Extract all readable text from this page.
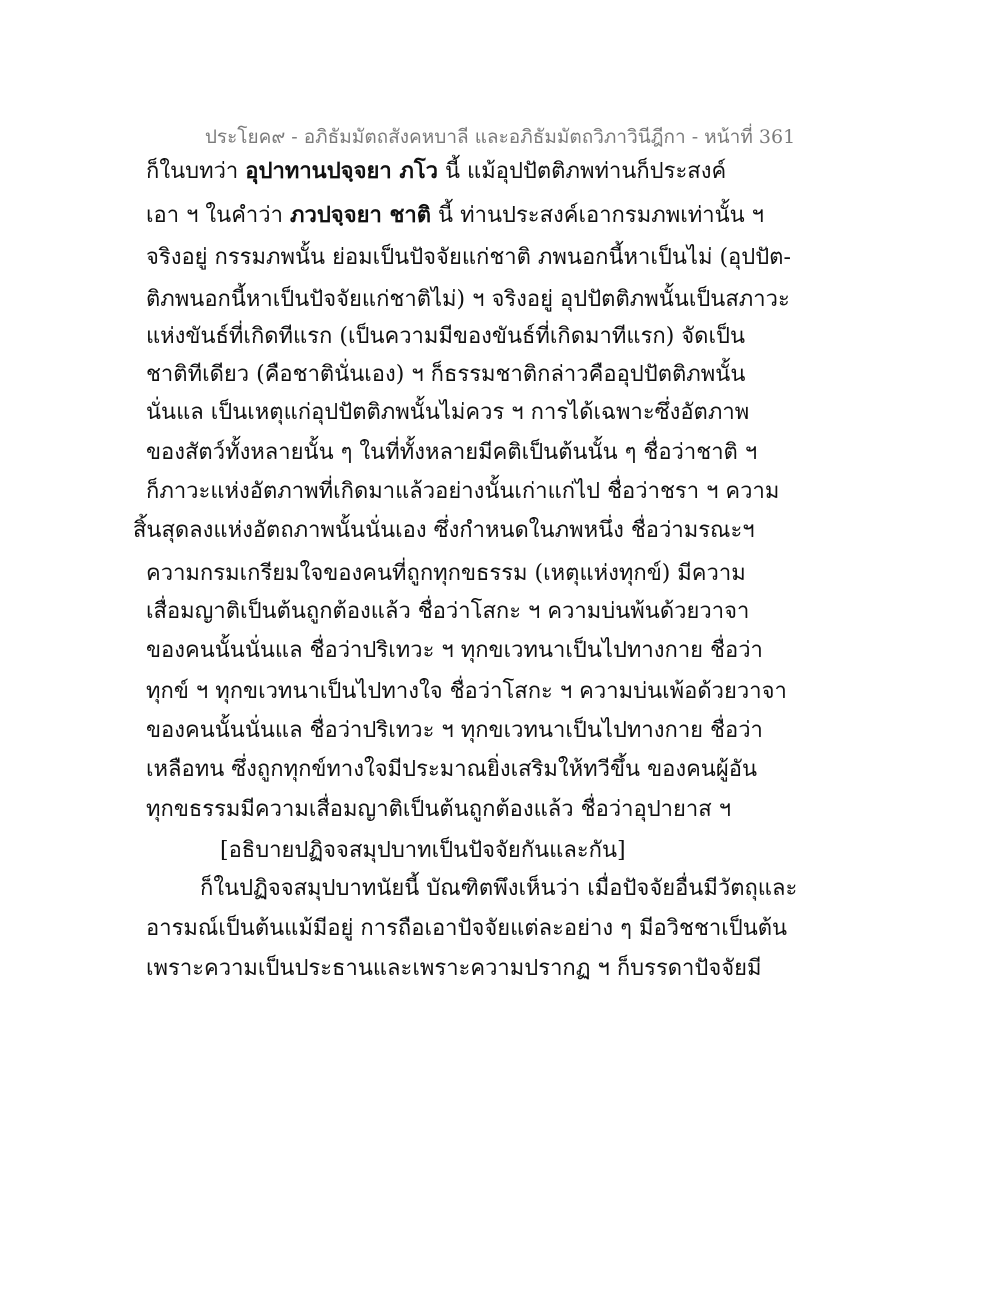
ประโยค๙ - อภิธัมมัตถสังคหบาลี และอภิธัมมัตถวิภาวินีฎีกา - หน้าที่ 361
ก็ในบทว่า อุปาทานปจฺจยา ภโว นี้ แม้อุปปัตติภพท่านก็ประสงค์
เอา ฯ ในคำว่า ภวปจฺจยา ชาติ นี้ ท่านประสงค์เอากรมภพเท่านั้น ฯ
จริงอยู่ กรรมภพนั้น ย่อมเป็นปัจจัยแก่ชาติ ภพนอกนี้หาเป็นไม่ (อุปปัต-
ติภพนอกนี้หาเป็นปัจจัยแก่ชาติไม่) ฯ จริงอยู่ อุปปัตติภพนั้นเป็นสภาวะ
แห่งขันธ์ที่เกิดทีแรก (เป็นความมีของขันธ์ที่เกิดมาทีแรก) จัดเป็น
ชาติทีเดียว (คือชาตินั่นเอง) ฯ ก็ธรรมชาติกล่าวคืออุปปัตติภพนั้น
นั่นแล เป็นเหตุแก่อุปปัตติภพนั้นไม่ควร ฯ การได้เฉพาะซึ่งอัตภาพ
ของสัตว์ทั้งหลายนั้น ๆ ในที่ทั้งหลายมีคติเป็นต้นนั้น ๆ ชื่อว่าชาติ ฯ
ก็ภาวะแห่งอัตภาพที่เกิดมาแล้วอย่างนั้นเก่าแก่ไป ชื่อว่าชรา ฯ ความ
สิ้นสุดลงแห่งอัตถภาพนั้นนั่นเอง ซึ่งกำหนดในภพหนึ่ง ชื่อว่ามรณะฯ
ความกรมเกรียมใจของคนที่ถูกทุกขธรรม (เหตุแห่งทุกข์) มีความ
เสื่อมญาติเป็นต้นถูกต้องแล้ว ชื่อว่าโสกะ ฯ ความบ่นพ้นด้วยวาจา
ของคนนั้นนั่นแล ชื่อว่าปริเทวะ ฯ ทุกขเวทนาเป็นไปทางกาย ชื่อว่า
ทุกข์ ฯ ทุกขเวทนาเป็นไปทางใจ ชื่อว่าโสกะ ฯ ความบ่นเพ้อด้วยวาจา
ของคนนั้นนั่นแล ชื่อว่าปริเทวะ ฯ ทุกขเวทนาเป็นไปทางกาย ชื่อว่า
เหลือทน ซึ่งถูกทุกข์ทางใจมีประมาณยิ่งเสริมให้ทวีขึ้น ของคนผู้อัน
ทุกขธรรมมีความเสื่อมญาติเป็นต้นถูกต้องแล้ว ชื่อว่าอุปายาส ฯ
[อธิบายปฏิจจสมุปบาทเป็นปัจจัยกันและกัน]
ก็ในปฏิจจสมุปบาทนัยนี้ บัณฑิตพึงเห็นว่า เมื่อปัจจัยอื่นมีวัตถุและ
อารมณ์เป็นต้นแม้มีอยู่ การถือเอาปัจจัยแต่ละอย่าง ๆ มีอวิชชาเป็นต้น
เพราะความเป็นประธานและเพราะความปรากฏ ฯ ก็บรรดาปัจจัยมี
